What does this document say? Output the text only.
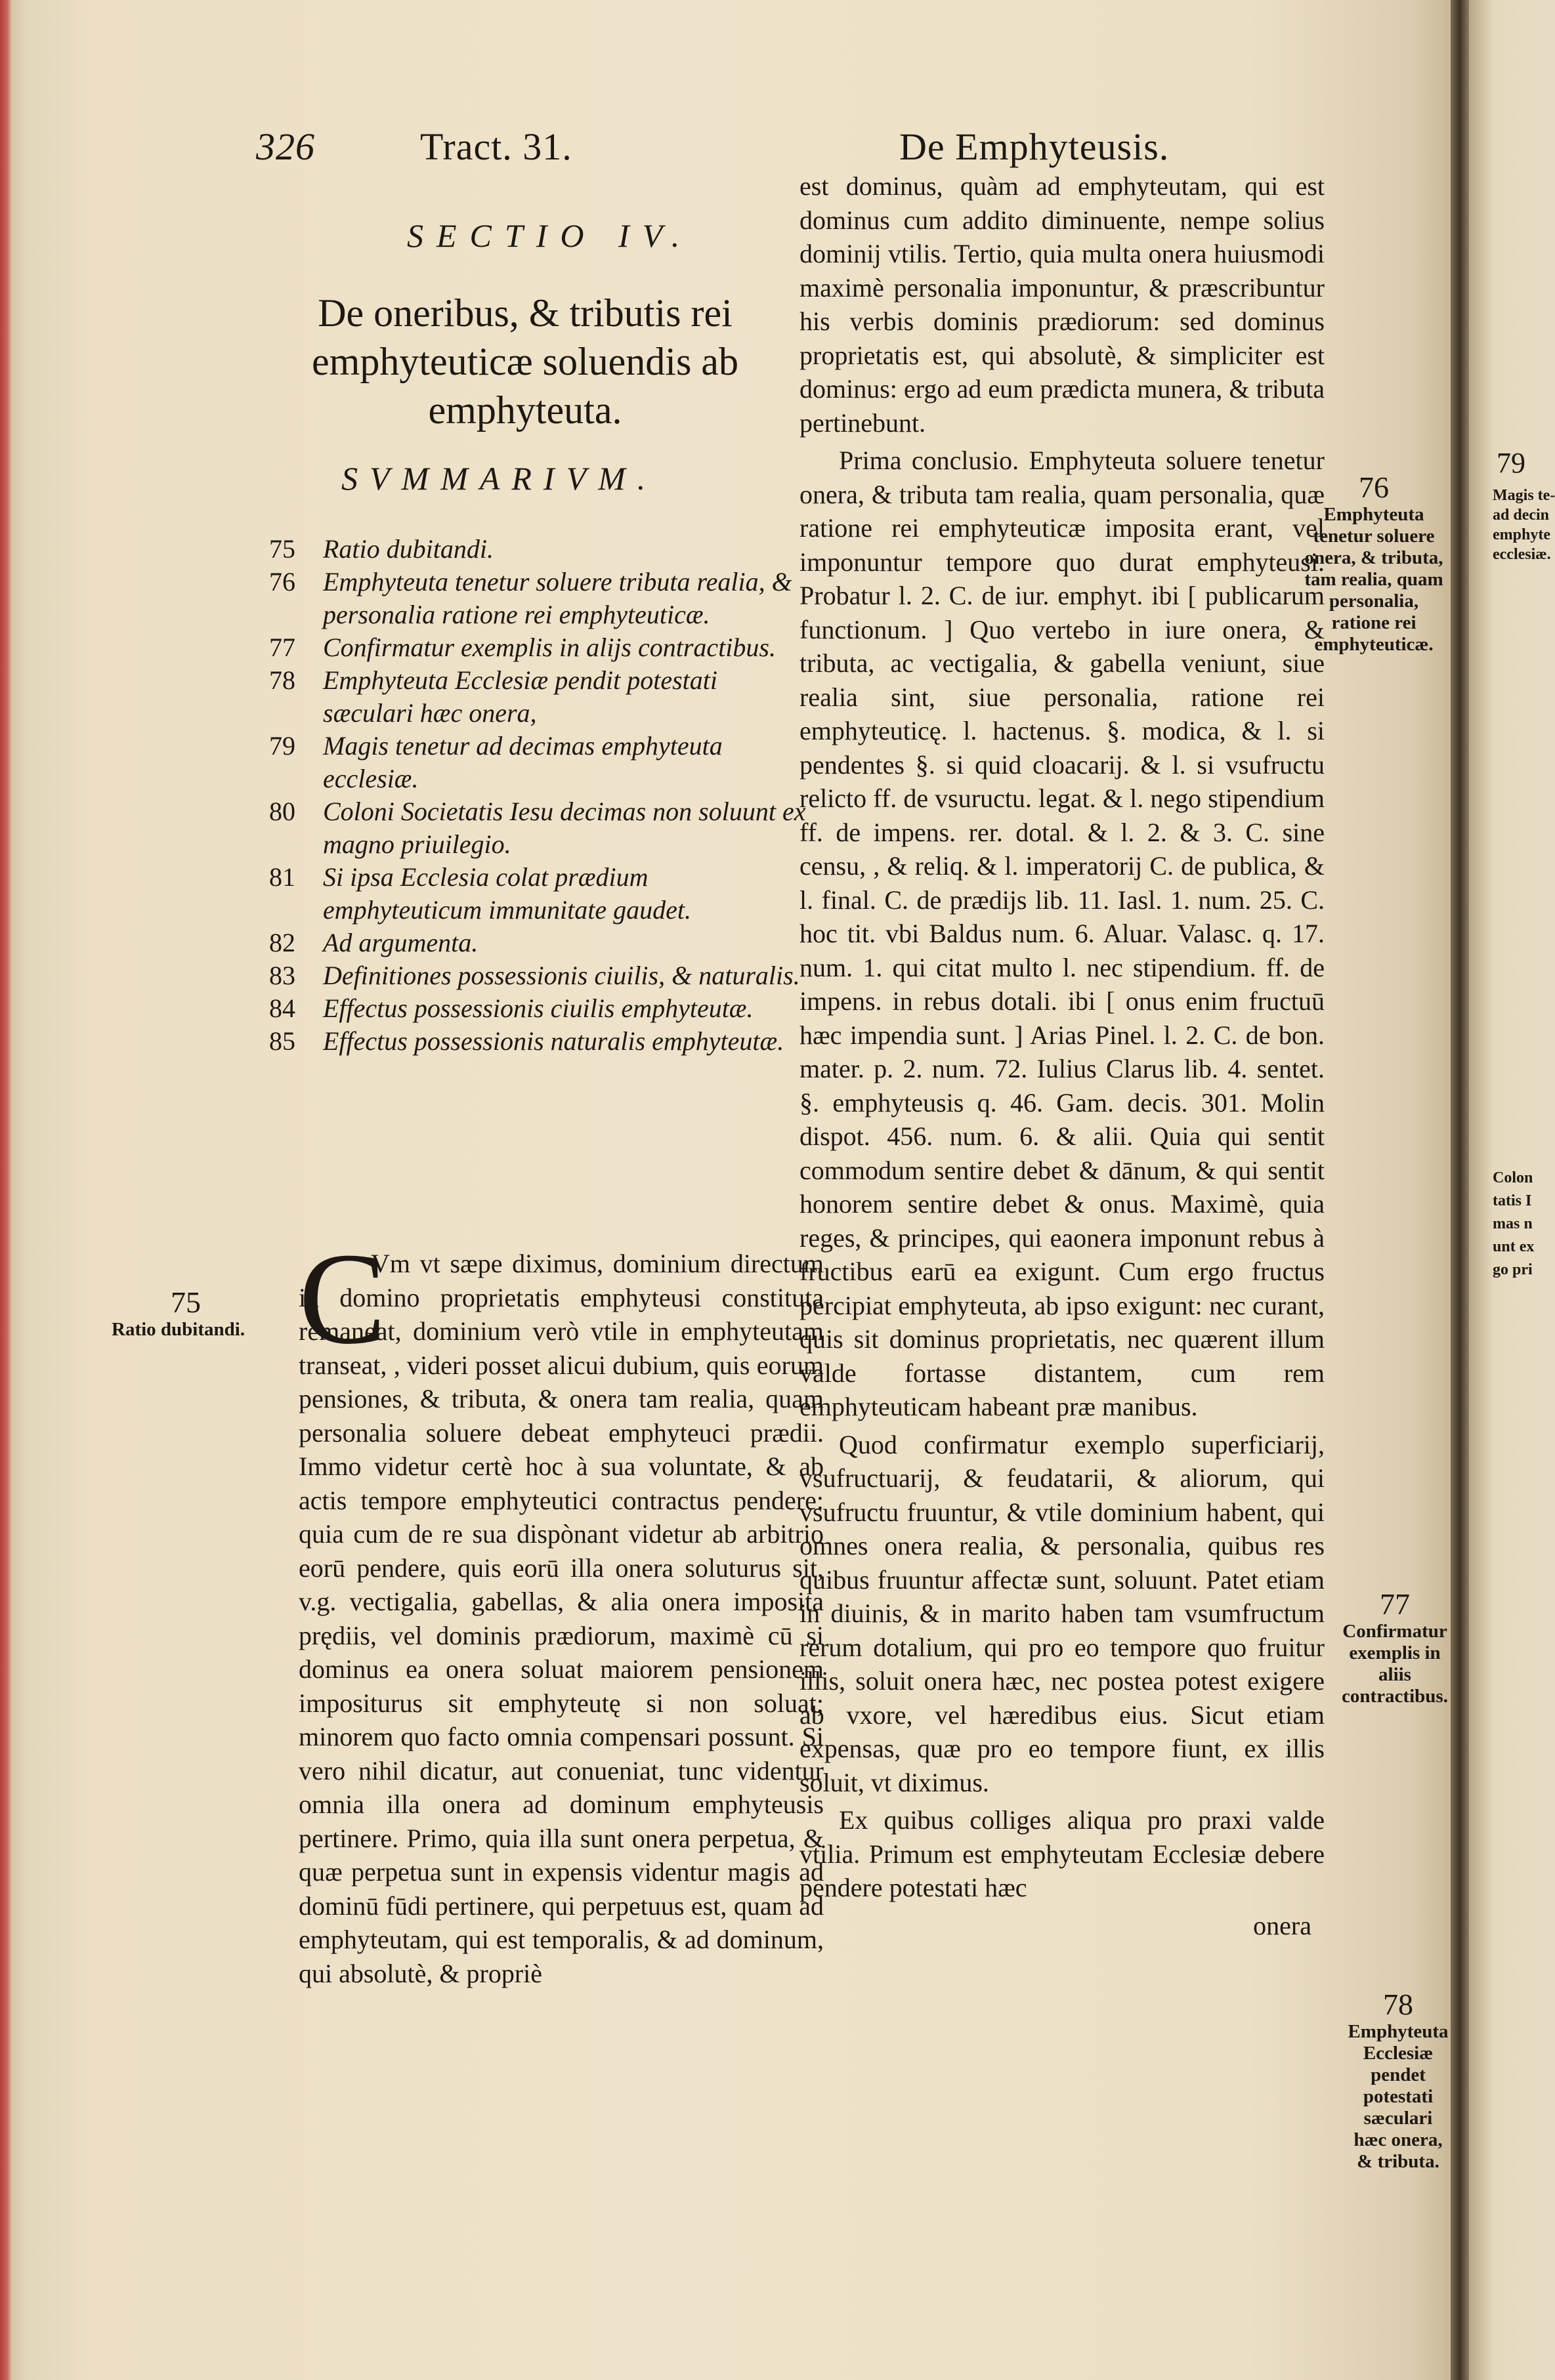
79
Magis te-
ad decin
emphyte
ecclesiæ.
Colon
tatis I
mas n
unt ex
go pri
326	Tract. 31.	De Emphyteusis.
SECTIO IV.
De oneribus, & tributis rei emphyteuticæ soluendis ab emphyteuta.
SVMMARIVM.
75	Ratio dubitandi.
76	Emphyteuta tenetur soluere tributa realia, & personalia ratione rei emphyteuticæ.
77	Confirmatur exemplis in alijs contractibus.
78	Emphyteuta Ecclesiæ pendit potestati sæculari hæc onera,
79	Magis tenetur ad decimas emphyteuta ecclesiæ.
80	Coloni Societatis Iesu decimas non soluunt ex magno priuilegio.
81	Si ipsa Ecclesia colat prædium emphyteuticum immunitate gaudet.
82	Ad argumenta.
83	Definitiones possessionis ciuilis, & naturalis.
84	Effectus possessionis ciuilis emphyteutæ.
85	Effectus possessionis naturalis emphyteutæ.
C

Vm vt sæpe diximus, dominium directum in domino proprietatis emphyteusi constituta remaneat, dominium verò vtile in emphyteutam transeat, , videri posset alicui dubium, quis eorum pensiones, & tributa, & onera tam realia, quam personalia soluere debeat emphyteuci prædii. Immo videtur certè hoc à sua voluntate, & ab actis tempore emphyteutici contractus pendere: quia cum de re sua dispònant videtur ab arbitrio eorū pendere, quis eorū illa onera soluturus sit, v.g. vectigalia, gabellas, & alia onera imposita prędiis, vel dominis prædiorum, maximè cū si dominus ea onera soluat maiorem pensionem impositurus sit emphyteutę si non soluat; minorem quo facto omnia compensari possunt. Si vero nihil dicatur, aut conueniat, tunc videntur omnia illa onera ad dominum emphyteusis pertinere. Primo, quia illa sunt onera perpetua, & quæ perpetua sunt in expensis videntur magis ad dominū fūdi pertinere, qui perpetuus est, quam ad emphyteutam, qui est temporalis, & ad dominum, qui absolutè, & propriè

est dominus, quàm ad emphyteutam, qui est dominus cum addito diminuente, nempe solius dominij vtilis. Tertio, quia multa onera huiusmodi maximè personalia imponuntur, & præscribuntur his verbis dominis prædiorum: sed dominus proprietatis est, qui absolutè, & simpliciter est dominus: ergo ad eum prædicta munera, & tributa pertinebunt.

Prima conclusio. Emphyteuta soluere tenetur onera, & tributa tam realia, quam personalia, quæ ratione rei emphyteuticæ imposita erant, vel imponuntur tempore quo durat emphyteusi. Probatur l. 2. C. de iur. emphyt. ibi [ publicarum functionum. ] Quo vertebo in iure onera, & tributa, ac vectigalia, & gabella veniunt, siue realia sint, siue personalia, ratione rei emphyteuticę. l. hactenus. §. modica, & l. si pendentes §. si quid cloacarij. & l. si vsufructu relicto ff. de vsuructu. legat. & l. nego stipendium ff. de impens. rer. dotal. & l. 2. & 3. C. sine censu, , & reliq. & l. imperatorij C. de publica, & l. final. C. de prædijs lib. 11. Iasl. 1. num. 25. C. hoc tit. vbi Baldus num. 6. Aluar. Valasc. q. 17. num. 1. qui citat multo l. nec stipendium. ff. de impens. in rebus dotali. ibi [ onus enim fructuū hæc impendia sunt. ] Arias Pinel. l. 2. C. de bon. mater. p. 2. num. 72. Iulius Clarus lib. 4. sentet. §. emphyteusis q. 46. Gam. decis. 301. Molin dispot. 456. num. 6. & alii. Quia qui sentit commodum sentire debet & dānum, & qui sentit honorem sentire debet & onus. Maximè, quia reges, & principes, qui eaonera imponunt rebus à fructibus earū ea exigunt. Cum ergo fructus percipiat emphyteuta, ab ipso exigunt: nec curant, quis sit dominus proprietatis, nec quærent illum valde fortasse distantem, cum rem emphyteuticam habeant præ manibus.

Quod confirmatur exemplo superficiarij, vsufructuarij, & feudatarii, & aliorum, qui vsufructu fruuntur, & vtile dominium habent, qui omnes onera realia, & personalia, quibus res quibus fruuntur affectæ sunt, soluunt. Patet etiam in diuinis, & in marito haben tam vsumfructum rerum dotalium, qui pro eo tempore quo fruitur illis, soluit onera hæc, nec postea potest exigere ab vxore, vel hæredibus eius. Sicut etiam expensas, quæ pro eo tempore fiunt, ex illis soluit, vt diximus.

Ex quibus colliges aliqua pro praxi valde vtilia. Primum est emphyteutam Ecclesiæ debere pendere potestati hæc

onera
75
Ratio dubitandi.
76
Emphyteuta tenetur soluere onera, & tributa, tam realia, quam personalia, ratione rei emphyteuticæ.
77
Confirmatur exemplis in aliis contractibus.
78
Emphyteuta Ecclesiæ pendet potestati sæculari hæc onera, & tributa.
